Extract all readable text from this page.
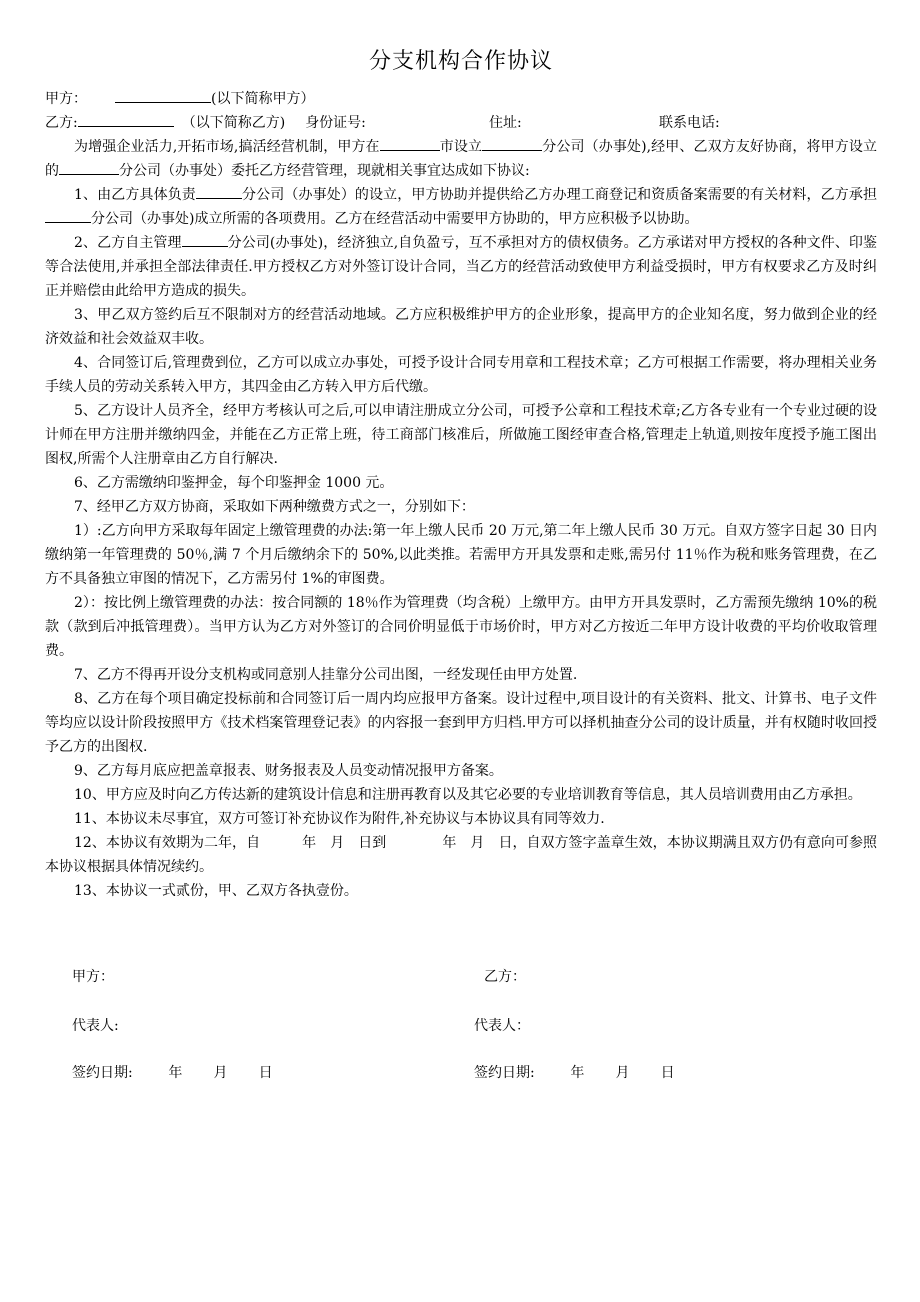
分支机构合作协议
甲方：	(以下简称甲方）
乙方:	（以下简称乙方) 身份证号:	住址:	联系电话:

为增强企业活力,开拓市场,搞活经营机制，甲方在	市设立	分公司（办事处),经甲、乙双方友好协商，将甲方设立的	分公司（办事处）委托乙方经营管理，现就相关事宜达成如下协议:

1、由乙方具体负责	分公司（办事处）的设立，甲方协助并提供给乙方办理工商登记和资质备案需要的有关材料，乙方承担分公司（办事处)成立所需的各项费用。乙方在经营活动中需要甲方协助的，甲方应积极予以协助。

2、乙方自主管理	分公司(办事处)，经济独立,自负盈亏，互不承担对方的债权债务。乙方承诺对甲方授权的各种文件、印鉴等合法使用,并承担全部法律责任.甲方授权乙方对外签订设计合同，当乙方的经营活动致使甲方利益受损时，甲方有权要求乙方及时纠正并赔偿由此给甲方造成的损失。

3、甲乙双方签约后互不限制对方的经营活动地域。乙方应积极维护甲方的企业形象，提高甲方的企业知名度，努力做到企业的经济效益和社会效益双丰收。

4、合同签订后,管理费到位，乙方可以成立办事处，可授予设计合同专用章和工程技术章；乙方可根据工作需要，将办理相关业务手续人员的劳动关系转入甲方，其四金由乙方转入甲方后代缴。

5、乙方设计人员齐全，经甲方考核认可之后,可以申请注册成立分公司，可授予公章和工程技术章;乙方各专业有一个专业过硬的设计师在甲方注册并缴纳四金，并能在乙方正常上班，待工商部门核准后，所做施工图经审查合格,管理走上轨道,则按年度授予施工图出图权,所需个人注册章由乙方自行解决.

6、乙方需缴纳印鉴押金，每个印鉴押金 1000 元。

7、经甲乙方双方协商，采取如下两种缴费方式之一，分别如下：

1）:乙方向甲方采取每年固定上缴管理费的办法:第一年上缴人民币 20 万元,第二年上缴人民币 30 万元。自双方签字日起 30 日内缴纳第一年管理费的 50％,满 7 个月后缴纳余下的 50%,以此类推。若需甲方开具发票和走账,需另付 11％作为税和账务管理费，在乙方不具备独立审图的情况下，乙方需另付 1%的审图费。

2）：按比例上缴管理费的办法：按合同额的 18％作为管理费（均含税）上缴甲方。由甲方开具发票时，乙方需预先缴纳 10%的税款（款到后冲抵管理费）。当甲方认为乙方对外签订的合同价明显低于市场价时，甲方对乙方按近二年甲方设计收费的平均价收取管理费。

7、乙方不得再开设分支机构或同意别人挂靠分公司出图，一经发现任由甲方处置.

8、乙方在每个项目确定投标前和合同签订后一周内均应报甲方备案。设计过程中,项目设计的有关资料、批文、计算书、电子文件等均应以设计阶段按照甲方《技术档案管理登记表》的内容报一套到甲方归档.甲方可以择机抽查分公司的设计质量，并有权随时收回授予乙方的出图权.

9、乙方每月底应把盖章报表、财务报表及人员变动情况报甲方备案。

10、甲方应及时向乙方传达新的建筑设计信息和注册再教育以及其它必要的专业培训教育等信息，其人员培训费用由乙方承担。

11、本协议未尽事宜，双方可签订补充协议作为附件,补充协议与本协议具有同等效力.

12、本协议有效期为二年，自　　　年　月　日到　　　　年　月　日，自双方签字盖章生效，本协议期满且双方仍有意向可参照本协议根据具体情况续约。

13、本协议一式贰份，甲、乙双方各执壹份。

甲方：	乙方：
代表人:	代表人：
签约日期:        年       月       日	签约日期:        年       月       日
